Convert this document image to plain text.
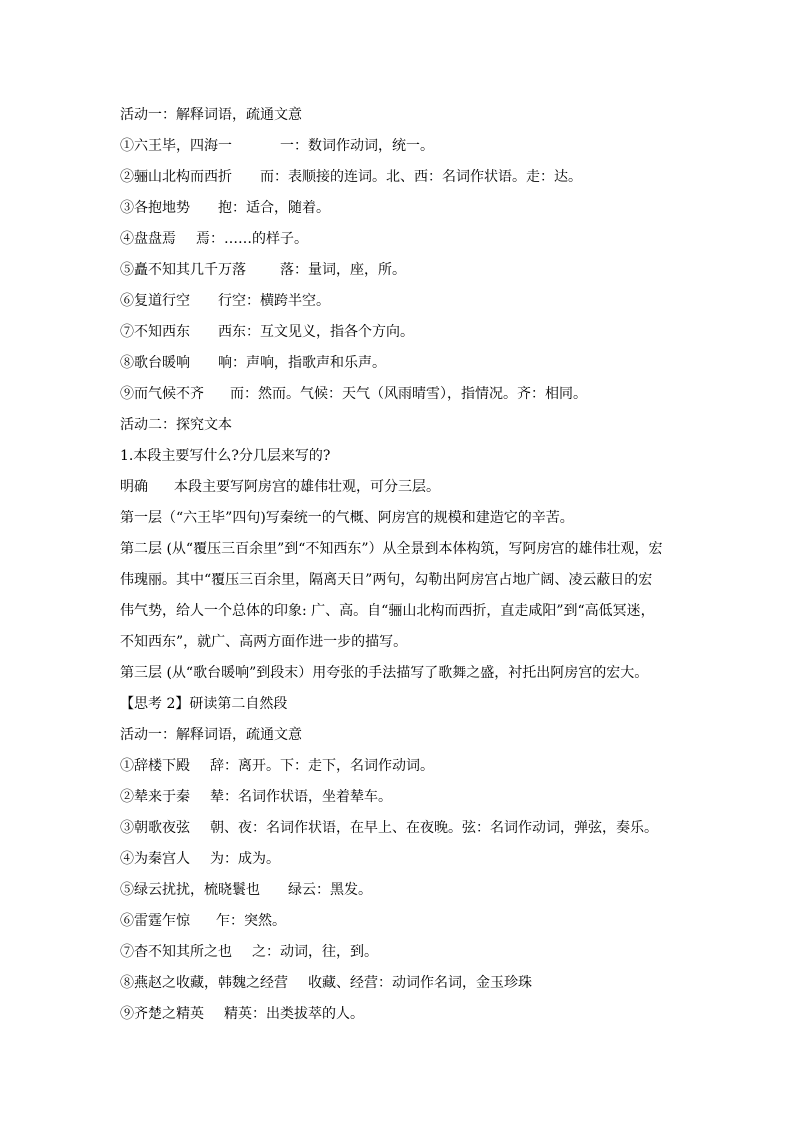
活动一：解释词语，疏通文意
①六王毕，四海一	一：数词作动词，统一。
②骊山北构而西折 而：表顺接的连词。北、西：名词作状语。走：达。
③各抱地势 抱：适合，随着。
④盘盘焉 焉：……的样子。
⑤矗不知其几千万落 落：量词，座，所。
⑥复道行空 行空：横跨半空。
⑦不知西东 西东：互文见义，指各个方向。
⑧歌台暖响 响：声响，指歌声和乐声。
⑨而气候不齐 而：然而。气候：天气（风雨晴雪），指情况。齐：相同。
活动二：探究文本
1.本段主要写什么?分几层来写的?
明确 本段主要写阿房宫的雄伟壮观，可分三层。
第一层（“六王毕”四句)写秦统一的气概、阿房宫的规模和建造它的辛苦。
第二层 (从“覆压三百余里”到“不知西东”）从全景到本体构筑，写阿房宫的雄伟壮观，宏伟瑰丽。其中“覆压三百余里，隔离天日”两句，勾勒出阿房宫占地广阔、凌云蔽日的宏伟气势，给人一个总体的印象: 广、高。自“骊山北构而西折，直走咸阳”到“高低冥迷，不知西东”，就广、高两方面作进一步的描写。
第三层 (从“歌台暖响”到段末）用夸张的手法描写了歌舞之盛，衬托出阿房宫的宏大。
【思考 2】研读第二自然段
活动一：解释词语，疏通文意
①辞楼下殿 辞：离开。下：走下，名词作动词。
②辇来于秦 辇：名词作状语，坐着辇车。
③朝歌夜弦 朝、夜：名词作状语，在早上、在夜晚。弦：名词作动词，弹弦，奏乐。
④为秦宫人 为：成为。
⑤绿云扰扰，梳晓鬟也 绿云：黑发。
⑥雷霆乍惊 乍：突然。
⑦杳不知其所之也 之：动词，往，到。
⑧燕赵之收藏，韩魏之经营 收藏、经营：动词作名词，金玉珍珠
⑨齐楚之精英 精英：出类拔萃的人。
